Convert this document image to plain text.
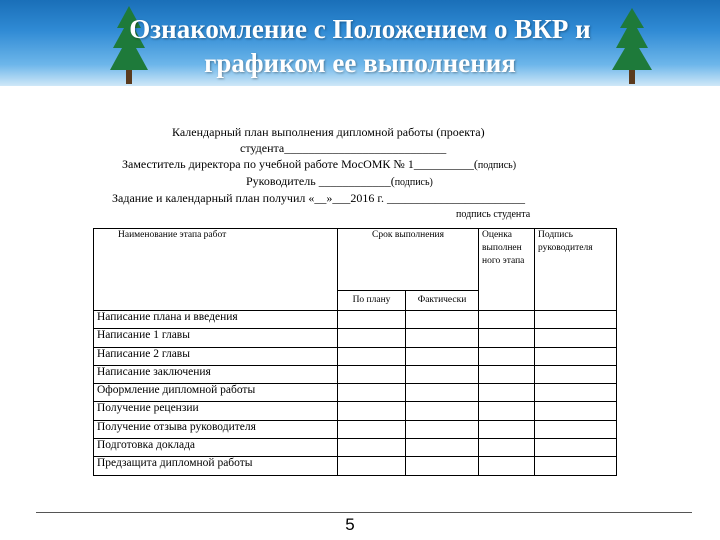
Ознакомление с Положением о ВКР и
графиком ее выполнения
Календарный план выполнения дипломной работы (проекта)
студента___________________________
Заместитель директора по учебной работе МосОМК № 1__________(подпись)
Руководитель ____________(подпись)
Задание и календарный план получил «__»___2016 г. _______________________
подпись студента
Наименование этапа работ	Срок выполнения		Оценка выполнен ного этапа	Подпись руководителя
	По плану	Фактически		
Написание плана и введения				
Написание 1 главы				
Написание 2 главы				
Написание заключения				
Оформление дипломной работы				
Получение рецензии				
Получение отзыва руководителя				
Подготовка доклада				
Предзащита дипломной работы				
5
